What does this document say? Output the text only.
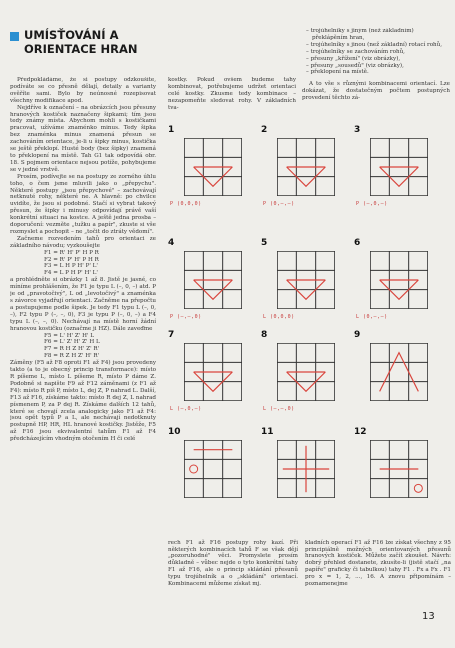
UMÍSŤOVÁNÍ A ORIENTACE HRAN

Předpokládáme, že si postupy odzkoušíte, podíváte se co přesně dělají, detaily a varianty ověříte sami. Bylo by neúnosné rozepisovat všechny modifikace apod.

Nejdříve k označení – na obrázcích jsou přesuny hranových kostiček naznačeny šipkami; tím jsou tedy známy místa. Abychom mohli s kostičkami pracovat, užíváme znaménko minus. Tedy šipka bez znaménka minus znamená přesun se zachováním orientace, je-li u šipky minus, kostička se ještě překlopí. Husté body (bez šipky) znamená to překlopení na místě. Tah G1 tak odpovídá obr. 18. S pojmem orientace nejsou potíže, pohybujeme se v jedné vrstvě.

Prosím, podívejte se na postupy ze zorného úhlu toho, o čem jsme mluvili jako o „přepychu". Některé postupy „jsou přepychové" – zachovávají netknuté rohy, některé ne. A hlavně: po chvilce uvidíte, že jsou si podobné. Stačí si vybrat takový přesun, že šipky i minusy odpovídají právě vaší konkrétní situaci na kostce. A ještě jedna prosba – doporučení: vezměte „tužku a papír", zkuste si vše rozmyslet a pochopit – ne „točit do ztráty vědomí".

Začneme rozvedením tahů pro orientaci ze základního návodu; vyzkoušejte

F1 = R' H' P' H P R

F2 = R' P' H' P H R

F3 = L H P H' P' L'

F4 = L P H P' H' L'

a prohlédněte si obrázky 1 až 8. Jistě je jasné, co míníme prohlášením, že F1 je typu L (–, 0, –) atd. P je od „pravotočivý", L od „levotočivý" a znaménka s závorce vyjadřují orientaci. Začněme na přepočtu a postupujeme podle šipek. Je tedy F1 typu L (–, 0, –), F2 typu P (–, –, 0), F3 je typu P (–, 0, –) a F4 typu L (–, –, 0). Nechávají na místě horní žádní hranovou kostičku (označme ji HZ). Dále zaveďme

F5 = L' H' Z' H' L

F6 = L' Z' H' Z' H L

F7 = R H Z H' Z' R'

F8 = R Z H Z' H' R'

Záměny (F5 až F8 oproti F1 až F4) jsou provedeny takto (a to je obecný princip transformace): místo R píšeme L, místo L píšeme R, místo P dáme Z. Podobně si napište F9 až F12 záměnami (z F1 až F4): místo R piš P, místo L, dej Z, P nahrad L. Další, F13 až F16, získáme takto: místo R dej Z, L nahraď písmenem P, za P dej R. Získáme dalších 12 tahů, které se chovají zcela analogicky jako F1 až F4: jsou opět typů P a L, ale nechávají nedotknuty postupně HP, HR, HL hranové kostičky. Jistěže, F5 až F16 jsou ekvivalentní tahům F1 až F4 předcházejícím vhodným otočením H či celé

kostky. Pokud ovšem budeme tahy kombinovat, potřebujeme udržet orientaci celé kostky. Zkusme tedy kombinace – nezapomeňte sledovat rohy. V základních tva-

– trojúhelníky s jiným (než základním) překlápěním hran,

– trojúhelníky s jinou (než základní) rotací rohů,

– trojúhelníky se zachováním rohů,

– přesuny „křížení" (viz obrázky),

– přesuny „sousedů" (viz obrázky),

– překlopení na místě.

A to vše s různými kombinacemi orientací. Lze dokázat, že dostatečným počtem postupných provedení těchto zá-

1
P (0,0,0)
2
P (0,–,–)
3
P (–,0,–)
4
P (–,–,0)
5
L (0,0,0)
6
L (0,–,–)
7
L (–,0,–)
8
L (–,–,0)
9
10	11	12

rech F1 až F16 postupy rohy kazí. Při některých kombinacích tahů F se však dějí „pozoruhodné" věci. Promyslete prosím důkladně – vůbec nejde o tyto konkrétní tahy F1 až F16, ale o princip skládání přesunů typu trojúhelník a o „skládání" orientací. Kombinacemi můžeme získat mj.

kladních operací F1 až F16 lze získat všechny z 95 principiálně možných orientovaných přesunů hranových kostiček. Můžete začít zkoušet. Návrh: dobrý přehled dostanete, zkusíte-li (jistě stačí „na papíře" graficky či tabulkou) tahy F1 . Fx a Fx . F1 pro x = 1, 2, ..., 16. A znovu připomínám – poznamenejme

13
